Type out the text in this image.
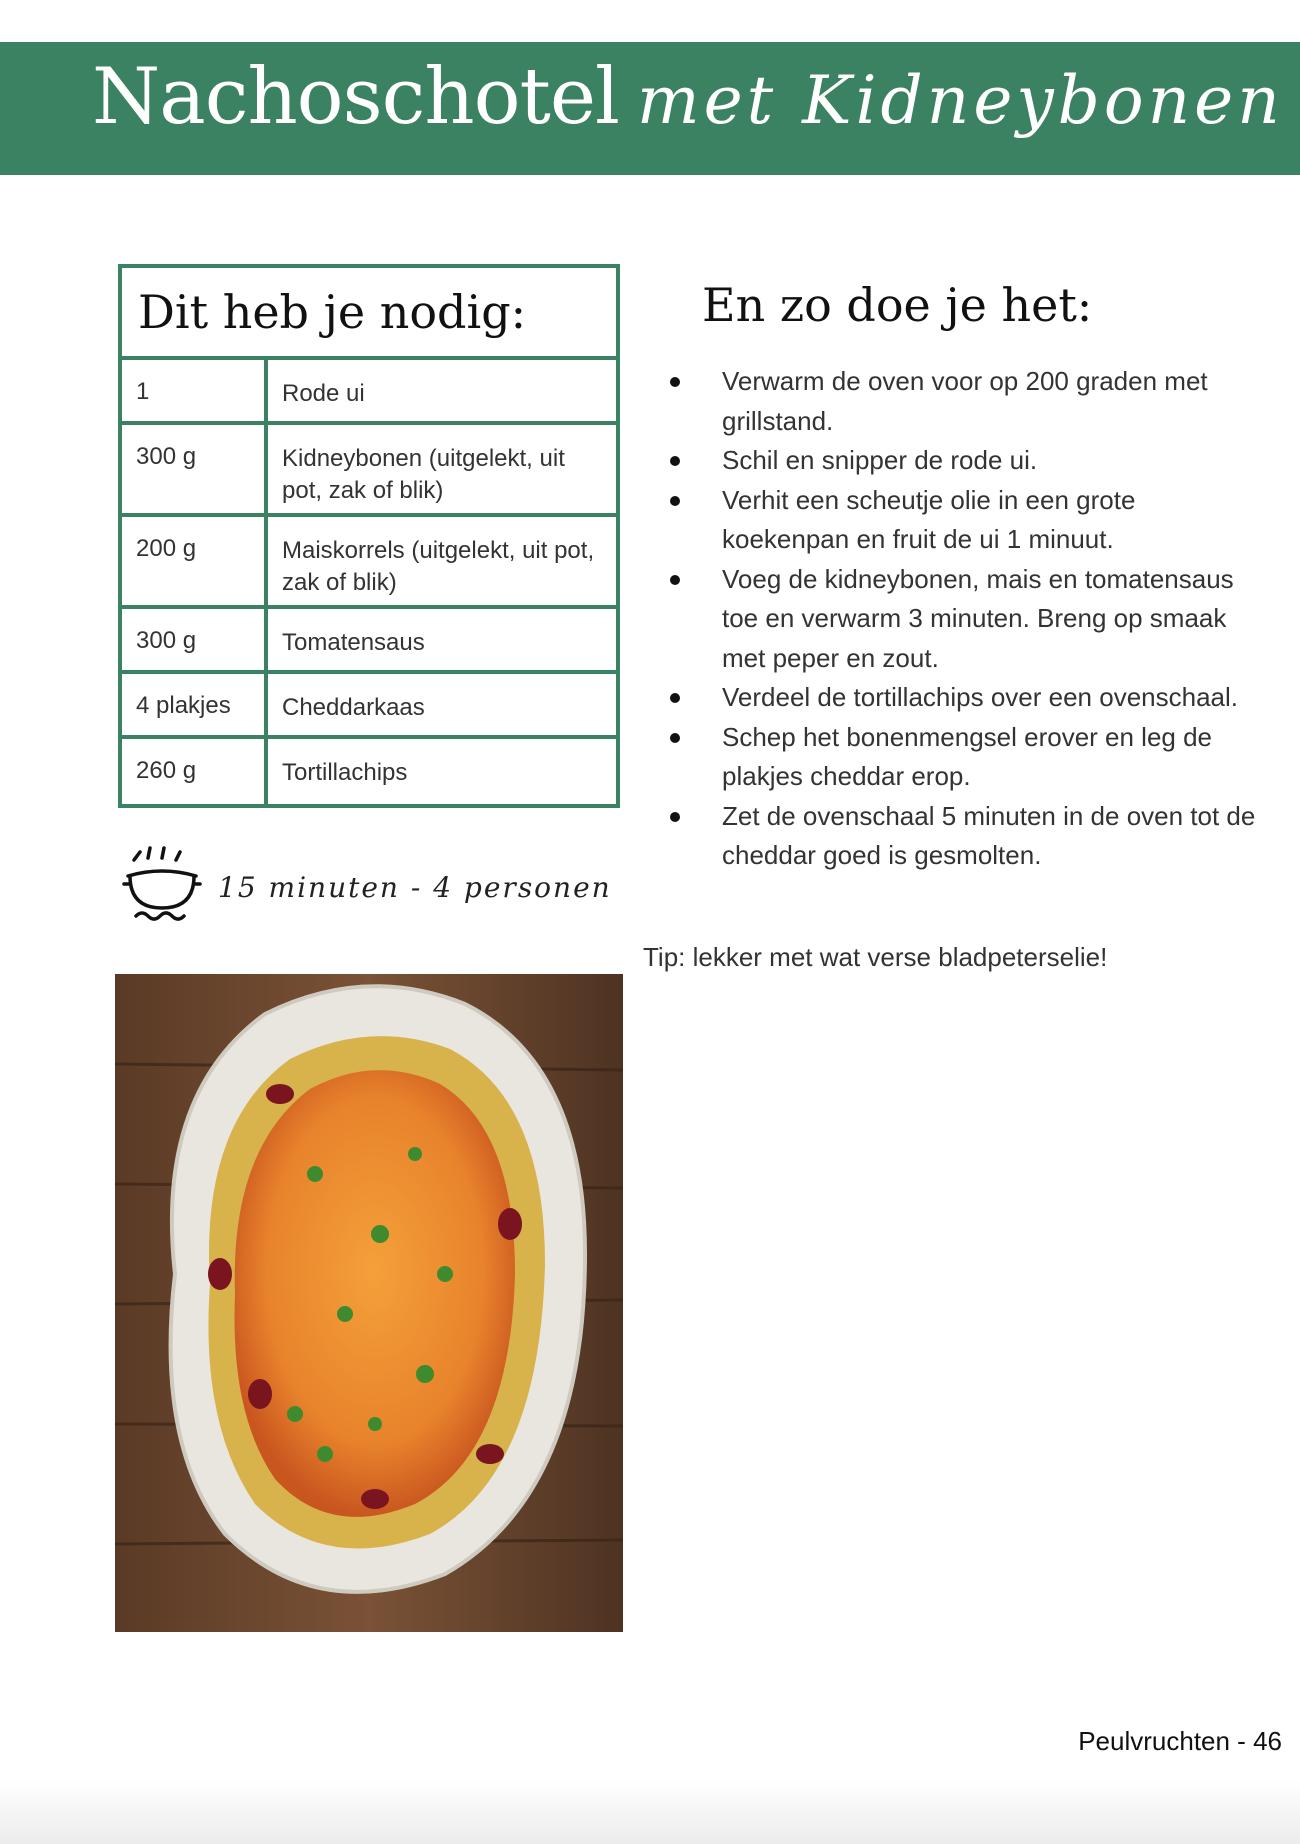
Nachoschotel met Kidneybonen
Dit heb je nodig:
1	Rode ui
300 g	Kidneybonen (uitgelekt, uit pot, zak of blik)
200 g	Maiskorrels (uitgelekt, uit pot, zak of blik)
300 g	Tomatensaus
4 plakjes	Cheddarkaas
260 g	Tortillachips
15 minuten - 4 personen
En zo doe je het:
Verwarm de oven voor op 200 graden met grillstand.
Schil en snipper de rode ui.
Verhit een scheutje olie in een grote koekenpan en fruit de ui 1 minuut.
Voeg de kidneybonen, mais en tomatensaus toe en verwarm 3 minuten. Breng op smaak met peper en zout.
Verdeel de tortillachips over een ovenschaal.
Schep het bonenmengsel erover en leg de plakjes cheddar erop.
Zet de ovenschaal 5 minuten in de oven tot de cheddar goed is gesmolten.
Tip: lekker met wat verse bladpeterselie!
Peulvruchten - 46
